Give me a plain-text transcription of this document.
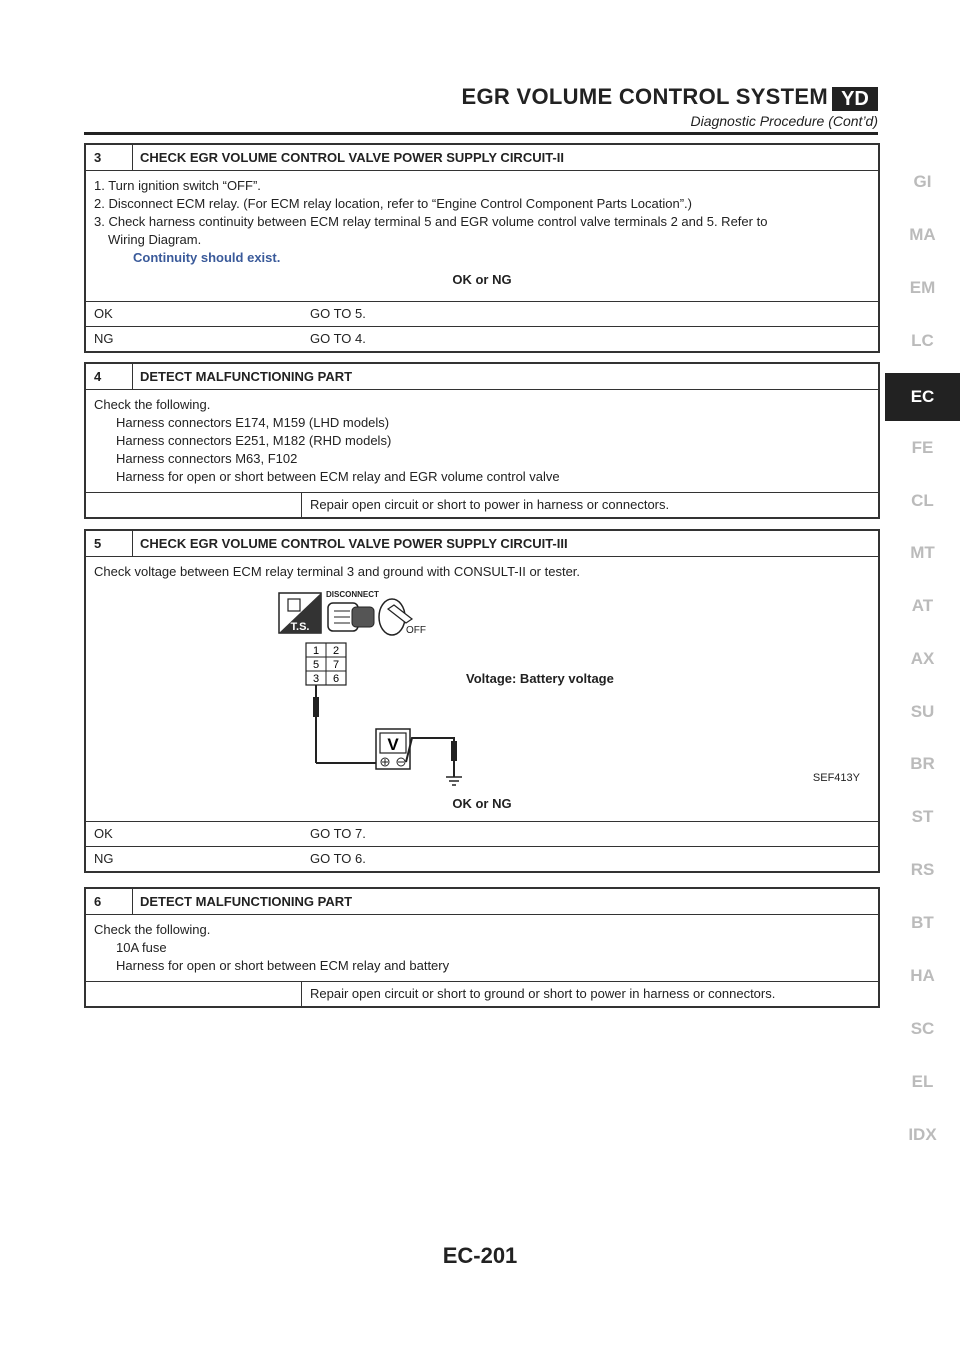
EGR VOLUME CONTROL SYSTEM YD
Diagnostic Procedure (Cont’d)
3	CHECK EGR VOLUME CONTROL VALVE POWER SUPPLY CIRCUIT-II
1. Turn ignition switch “OFF”.
2. Disconnect ECM relay. (For ECM relay location, refer to “Engine Control Component Parts Location”.)
3. Check harness continuity between ECM relay terminal 5 and EGR volume control valve terminals 2 and 5. Refer to
Wiring Diagram.
Continuity should exist.
OK or NG
OK	GO TO 5.
NG	GO TO 4.
4	DETECT MALFUNCTIONING PART
Check the following.
Harness connectors E174, M159 (LHD models)
Harness connectors E251, M182 (RHD models)
Harness connectors M63, F102
Harness for open or short between ECM relay and EGR volume control valve
Repair open circuit or short to power in harness or connectors.
5	CHECK EGR VOLUME CONTROL VALVE POWER SUPPLY CIRCUIT-III
Check voltage between ECM relay terminal 3 and ground with CONSULT-II or tester.
T.S.
DISCONNECT
OFF
1 2
5 7
3 6
V
Voltage: Battery voltage
SEF413Y
OK or NG
OK	GO TO 7.
NG	GO TO 6.
6	DETECT MALFUNCTIONING PART
Check the following.
10A fuse
Harness for open or short between ECM relay and battery
Repair open circuit or short to ground or short to power in harness or connectors.
GI
MA
EM
LC
EC
FE
CL
MT
AT
AX
SU
BR
ST
RS
BT
HA
SC
EL
IDX
EC-201
